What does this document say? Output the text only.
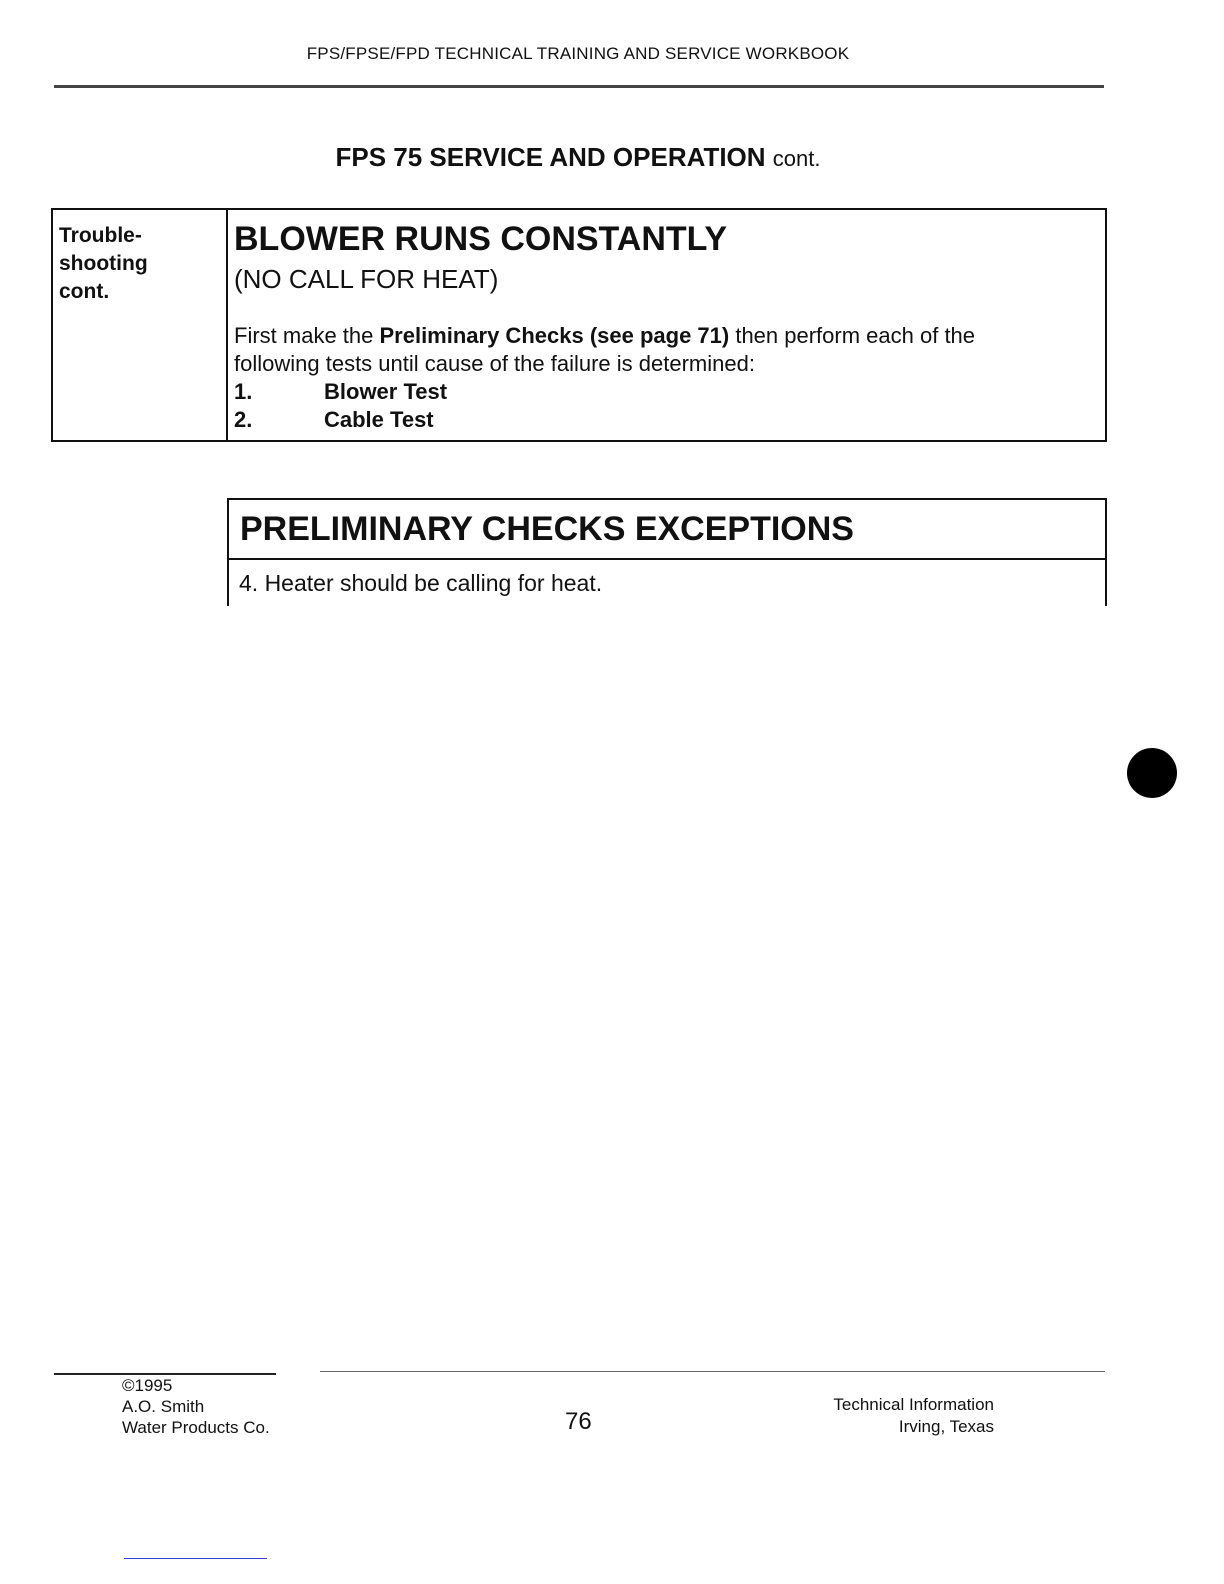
FPS/FPSE/FPD TECHNICAL TRAINING AND SERVICE WORKBOOK
FPS 75 SERVICE AND OPERATION cont.
Trouble-
shooting
cont.
BLOWER RUNS CONSTANTLY
(NO CALL FOR HEAT)
First make the Preliminary Checks (see page 71) then perform each of the following tests until cause of the failure is determined:
1.	Blower Test
2.	Cable Test
PRELIMINARY CHECKS EXCEPTIONS
4. Heater should be calling for heat.
©1995
A.O. Smith
Water Products Co.	76
Technical Information
Irving, Texas
